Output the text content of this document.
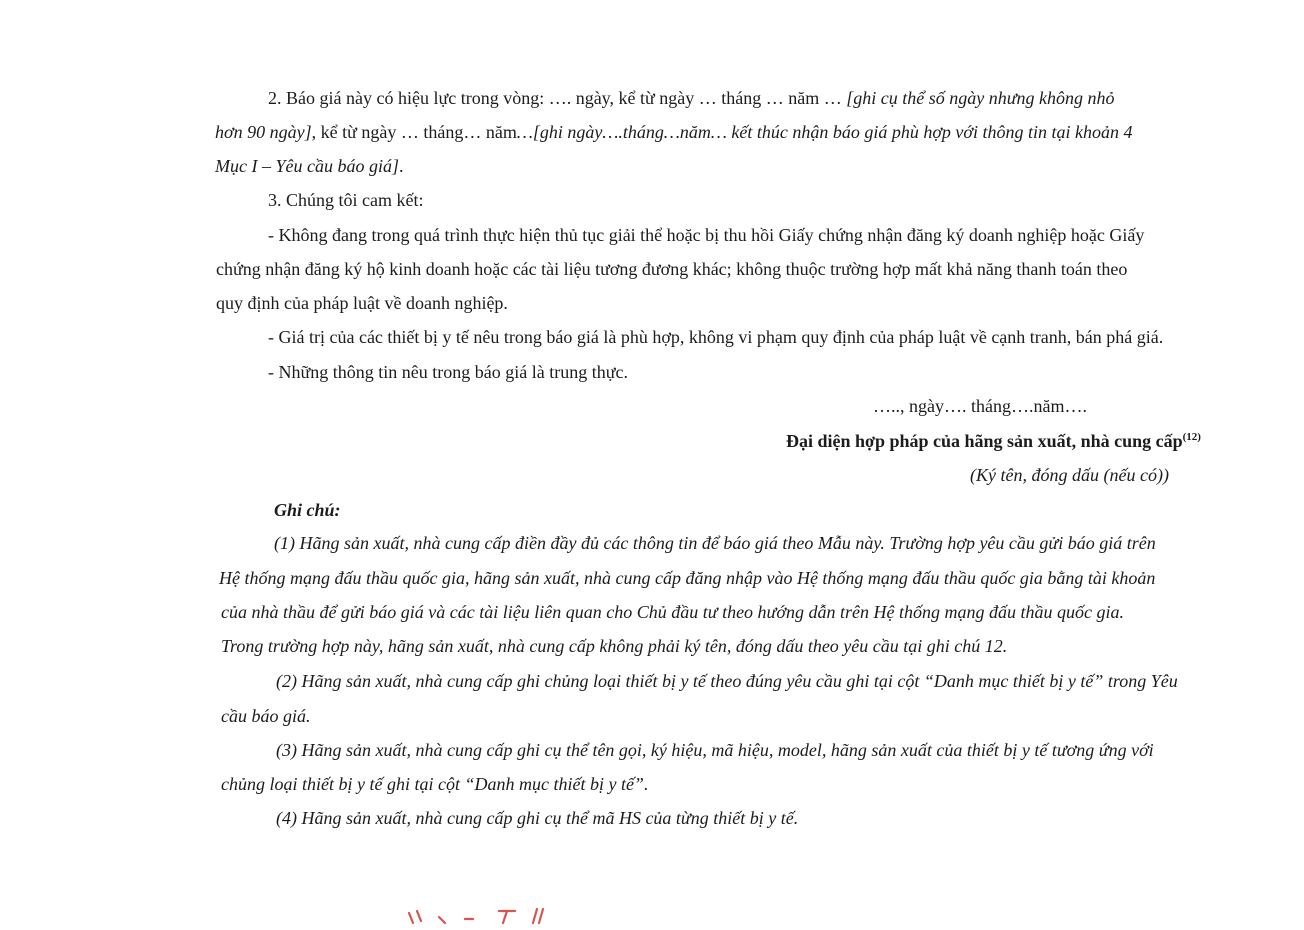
2. Báo giá này có hiệu lực trong vòng: …. ngày, kể từ ngày … tháng … năm … [ghi cụ thể số ngày nhưng không nhỏ
hơn 90 ngày], kể từ ngày … tháng… năm…[ghi ngày….tháng…năm… kết thúc nhận báo giá phù hợp với thông tin tại khoản 4
Mục I – Yêu cầu báo giá].
3. Chúng tôi cam kết:
- Không đang trong quá trình thực hiện thủ tục giải thể hoặc bị thu hồi Giấy chứng nhận đăng ký doanh nghiệp hoặc Giấy
chứng nhận đăng ký hộ kinh doanh hoặc các tài liệu tương đương khác; không thuộc trường hợp mất khả năng thanh toán theo
quy định của pháp luật về doanh nghiệp.
- Giá trị của các thiết bị y tế nêu trong báo giá là phù hợp, không vi phạm quy định của pháp luật về cạnh tranh, bán phá giá.
- Những thông tin nêu trong báo giá là trung thực.
….., ngày…. tháng….năm….
Đại diện hợp pháp của hãng sản xuất, nhà cung cấp$^{(12)}$
(Ký tên, đóng dấu (nếu có))
Ghi chú:
(1) Hãng sản xuất, nhà cung cấp điền đầy đủ các thông tin để báo giá theo Mẫu này. Trường hợp yêu cầu gửi báo giá trên
Hệ thống mạng đấu thầu quốc gia, hãng sản xuất, nhà cung cấp đăng nhập vào Hệ thống mạng đấu thầu quốc gia bằng tài khoản
của nhà thầu để gửi báo giá và các tài liệu liên quan cho Chủ đầu tư theo hướng dẫn trên Hệ thống mạng đấu thầu quốc gia.
Trong trường hợp này, hãng sản xuất, nhà cung cấp không phải ký tên, đóng dấu theo yêu cầu tại ghi chú 12.
(2) Hãng sản xuất, nhà cung cấp ghi chủng loại thiết bị y tế theo đúng yêu cầu ghi tại cột “Danh mục thiết bị y tế” trong Yêu
cầu báo giá.
(3) Hãng sản xuất, nhà cung cấp ghi cụ thể tên gọi, ký hiệu, mã hiệu, model, hãng sản xuất của thiết bị y tế tương ứng với
chủng loại thiết bị y tế ghi tại cột “Danh mục thiết bị y tế”.
(4) Hãng sản xuất, nhà cung cấp ghi cụ thể mã HS của từng thiết bị y tế.
